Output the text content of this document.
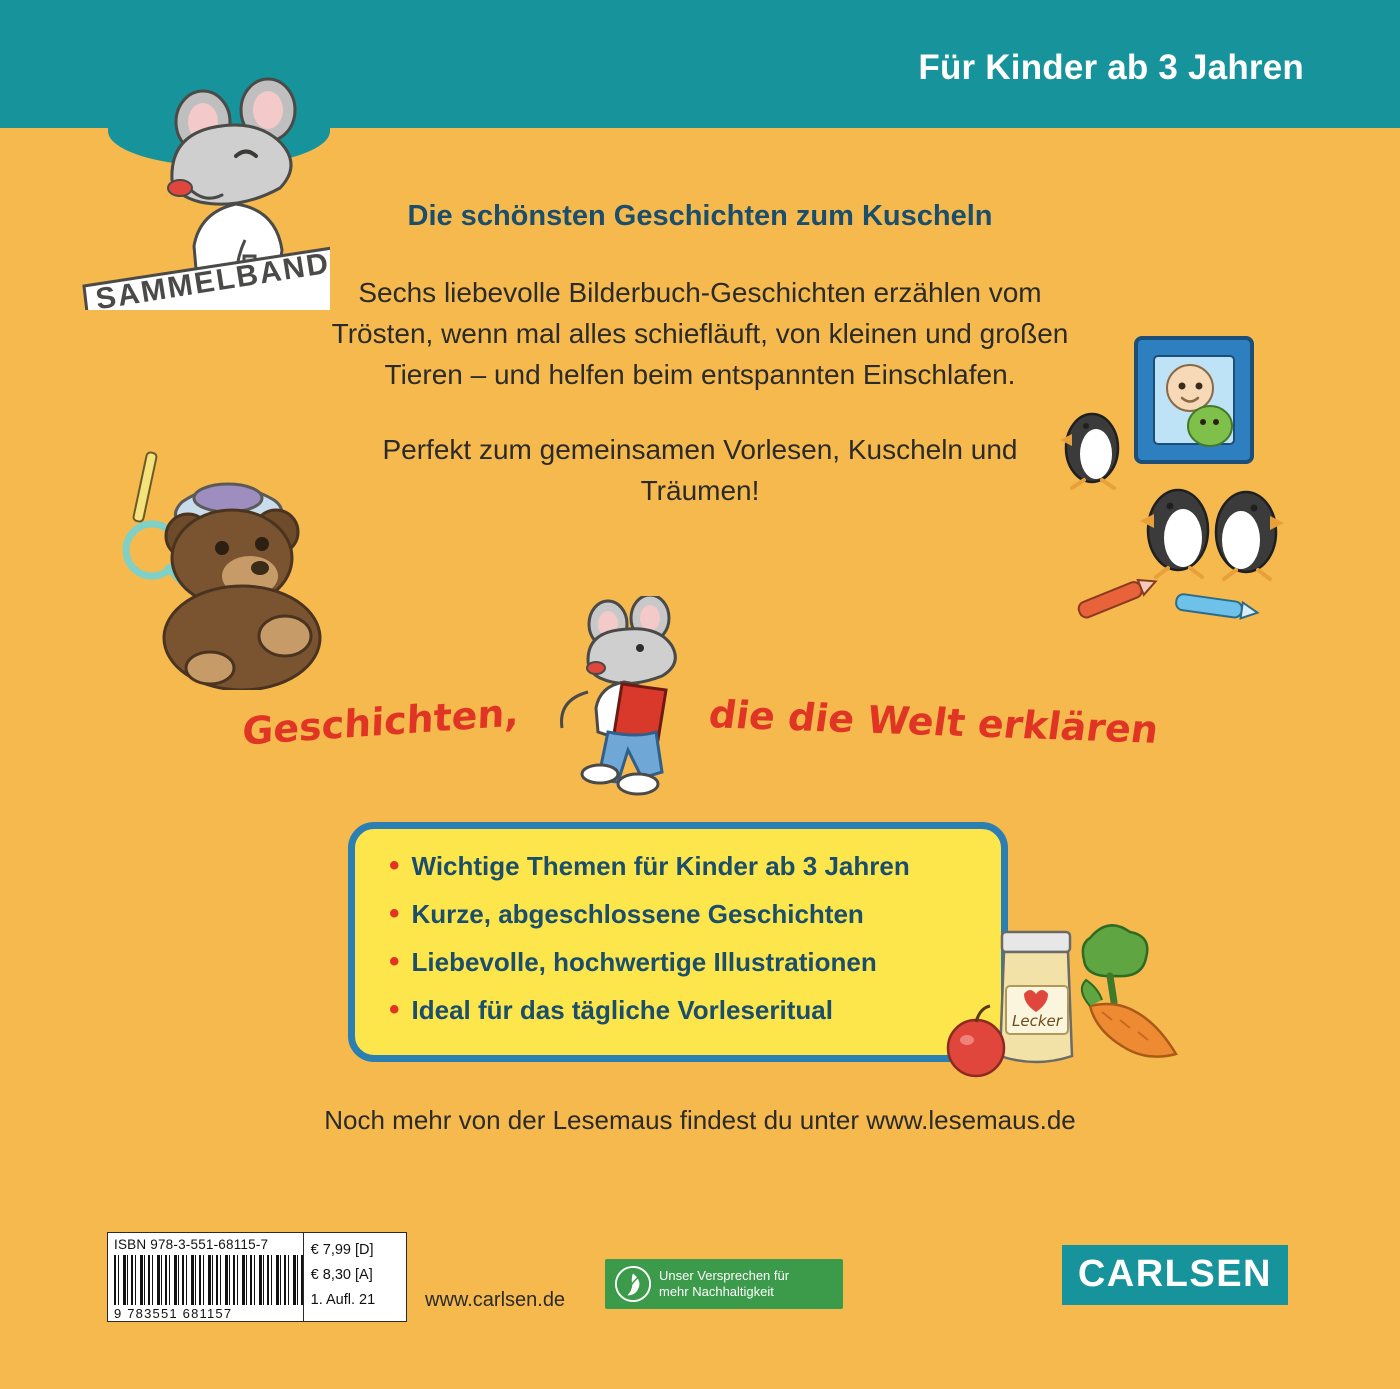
Für Kinder ab 3 Jahren
SAMMELBAND
Die schönsten Geschichten zum Kuscheln

Sechs liebevolle Bilderbuch-Geschichten erzählen vom Trösten, wenn mal alles schiefläuft, von kleinen und großen Tieren – und helfen beim entspannten Einschlafen.

Perfekt zum gemeinsamen Vorlesen, Kuscheln und Träumen!

Geschichten,	die die Welt erklären
• Wichtige Themen für Kinder ab 3 Jahren
• Kurze, abgeschlossene Geschichten
• Liebevolle, hochwertige Illustrationen
• Ideal für das tägliche Vorleseritual	Lecker
Noch mehr von der Lesemaus findest du unter www.lesemaus.de
ISBN 978-3-551-68115-7
9 783551 681157
€ 7,99 [D]
€ 8,30 [A]
1. Aufl. 21	www.carlsen.de
Unser Versprechen für
mehr Nachhaltigkeit	CARLSEN
